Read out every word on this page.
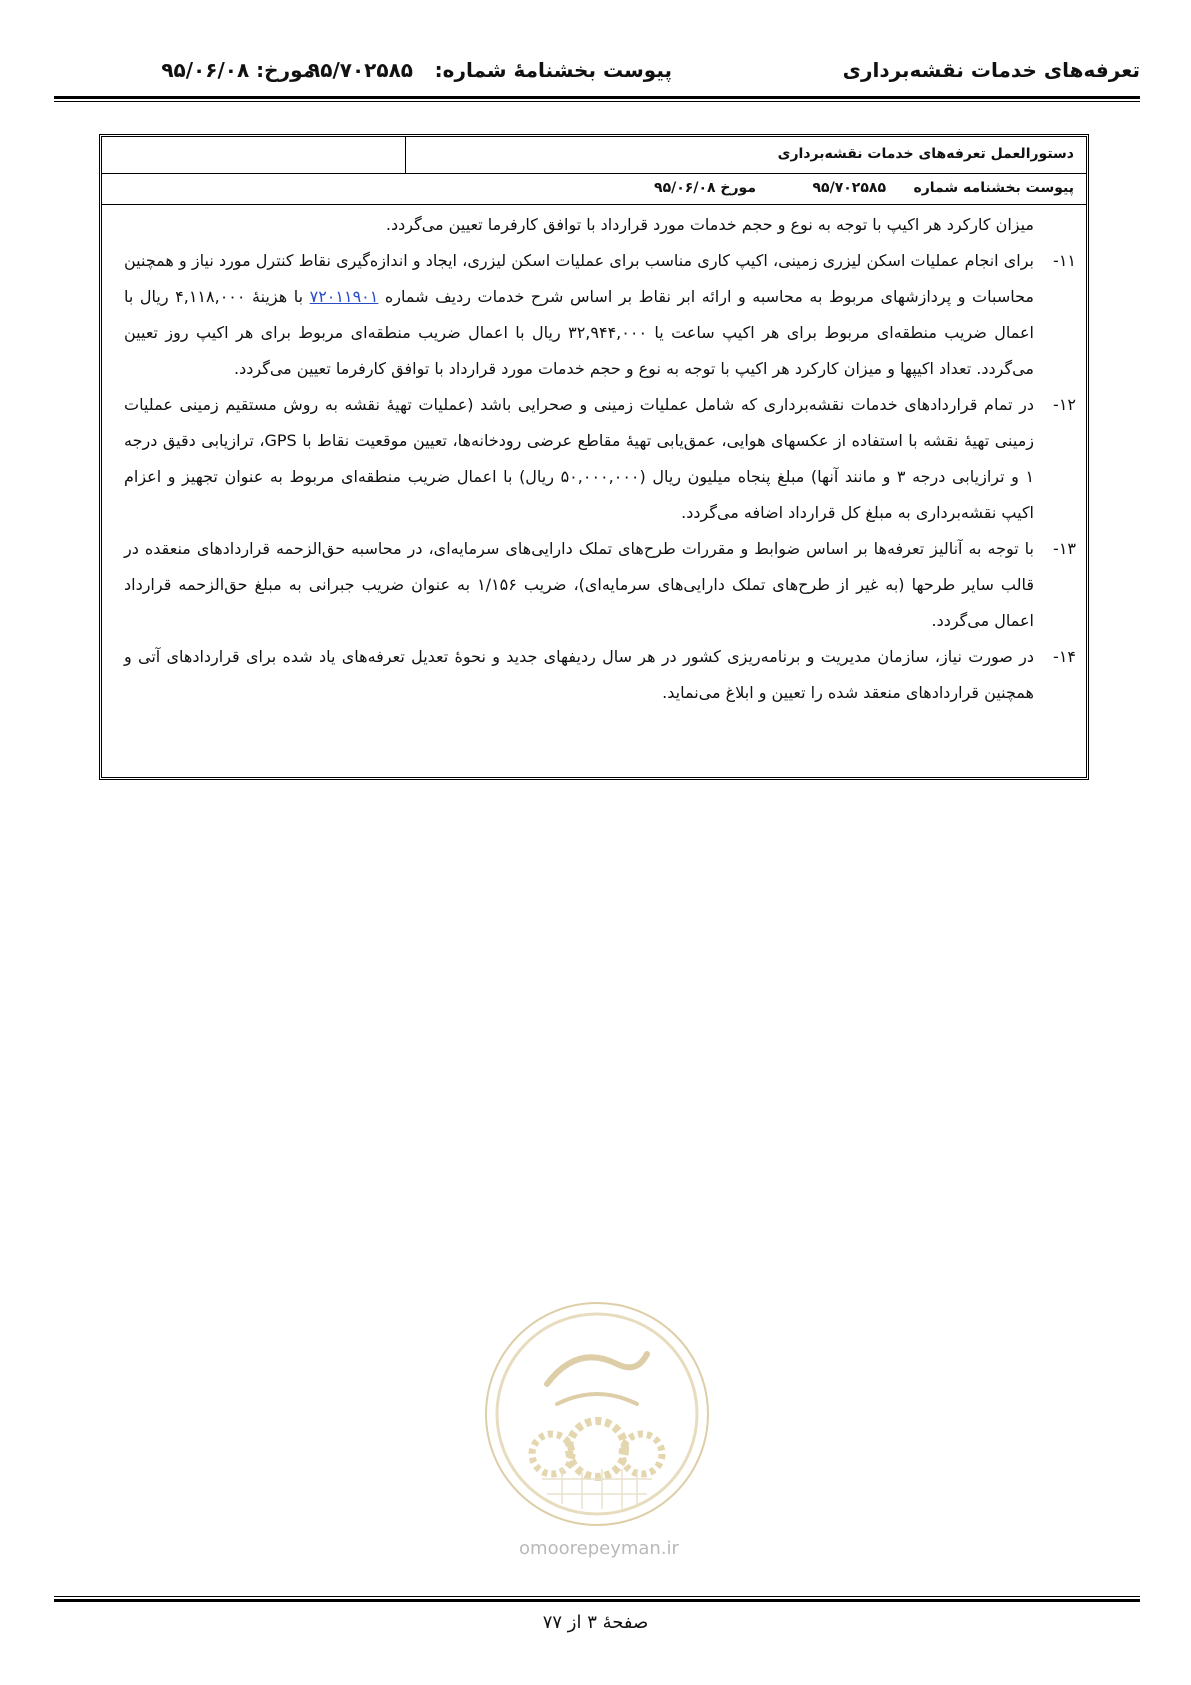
تعرفه‌های خدمات نقشه‌برداری
پیوست بخشنامهٔ شماره:
۹۵/۷۰۲۵۸۵
مورخ: ۹۵/۰۶/۰۸
دستورالعمل تعرفه‌های خدمات نقشه‌برداری
پیوست بخشنامه شماره
۹۵/۷۰۲۵۸۵
مورخ ۹۵/۰۶/۰۸

میزان کارکرد هر اکیپ با توجه به نوع و حجم خدمات مورد قرارداد با توافق کارفرما تعیین می‌گردد.

۱۱-
برای انجام عملیات اسکن لیزری زمینی، اکیپ کاری مناسب برای عملیات اسکن لیزری، ایجاد و اندازه‌گیری نقاط کنترل مورد نیاز و همچنین محاسبات و پردازشهای مربوط به محاسبه و ارائه ابر نقاط بر اساس شرح خدمات ردیف شماره ۷۲۰۱۱۹۰۱ با هزینهٔ ۴,۱۱۸,۰۰۰ ریال با اعمال ضریب منطقه‌ای مربوط برای هر اکیپ ساعت یا ۳۲,۹۴۴,۰۰۰ ریال با اعمال ضریب منطقه‌ای مربوط برای هر اکیپ روز تعیین می‌گردد. تعداد اکیپها و میزان کارکرد هر اکیپ با توجه به نوع و حجم خدمات مورد قرارداد با توافق کارفرما تعیین می‌گردد.

۱۲-
در تمام قراردادهای خدمات نقشه‌برداری که شامل عملیات زمینی و صحرایی باشد (عملیات تهیهٔ نقشه به روش مستقیم زمینی عملیات زمینی تهیهٔ نقشه با استفاده از عکسهای هوایی، عمق‌یابی تهیهٔ مقاطع عرضی رودخانه‌ها، تعیین موقعیت نقاط با GPS، ترازیابی دقیق درجه ۱ و ترازیابی درجه ۳ و مانند آنها) مبلغ پنجاه میلیون ریال (۵۰,۰۰۰,۰۰۰ ریال) با اعمال ضریب منطقه‌ای مربوط به عنوان تجهیز و اعزام اکیپ نقشه‌برداری به مبلغ کل قرارداد اضافه می‌گردد.

۱۳-
با توجه به آنالیز تعرفه‌ها بر اساس ضوابط و مقررات طرح‌های تملک دارایی‌های سرمایه‌ای، در محاسبه حق‌الزحمه قراردادهای منعقده در قالب سایر طرحها (به غیر از طرح‌های تملک دارایی‌های سرمایه‌ای)، ضریب ۱/۱۵۶ به عنوان ضریب جبرانی به مبلغ حق‌الزحمه قرارداد اعمال می‌گردد.

۱۴-
در صورت نیاز، سازمان مدیریت و برنامه‌ریزی کشور در هر سال ردیفهای جدید و نحوهٔ تعدیل تعرفه‌های یاد شده برای قراردادهای آتی و همچنین قراردادهای منعقد شده را تعیین و ابلاغ می‌نماید.

omoorepeyman.ir
صفحهٔ ۳ از ۷۷
